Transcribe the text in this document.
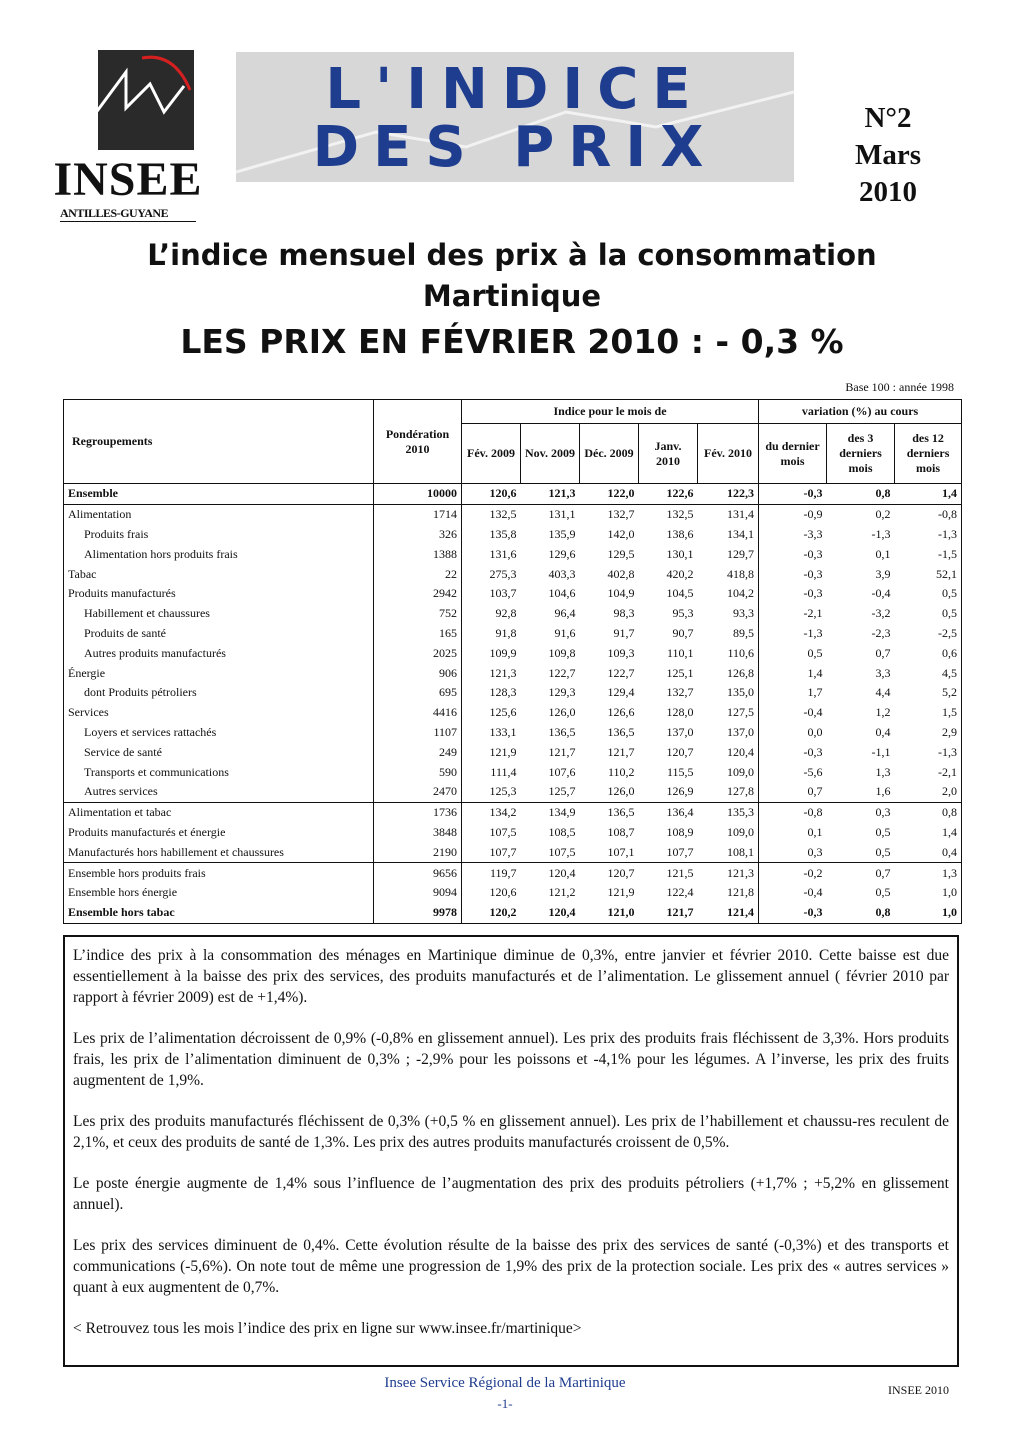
INSEE
ANTILLES-GUYANE
L'INDICE
DES PRIX	N°2
Mars
2010
L’indice mensuel des prix à la consommation
Martinique
LES PRIX EN FÉVRIER 2010 : - 0,3 %
Base 100 : année 1998
Regroupements	Pondération 2010	Indice pour le mois de					variation (%) au cours		
		Fév. 2009	Nov. 2009	Déc. 2009	Janv. 2010	Fév. 2010	du dernier mois	des 3 derniers mois	des 12 derniers mois
Ensemble	10000	120,6	121,3	122,0	122,6	122,3	-0,3	0,8	1,4
Alimentation	1714	132,5	131,1	132,7	132,5	131,4	-0,9	0,2	-0,8
Produits frais	326	135,8	135,9	142,0	138,6	134,1	-3,3	-1,3	-1,3
Alimentation hors produits frais	1388	131,6	129,6	129,5	130,1	129,7	-0,3	0,1	-1,5
Tabac	22	275,3	403,3	402,8	420,2	418,8	-0,3	3,9	52,1
Produits manufacturés	2942	103,7	104,6	104,9	104,5	104,2	-0,3	-0,4	0,5
Habillement et chaussures	752	92,8	96,4	98,3	95,3	93,3	-2,1	-3,2	0,5
Produits de santé	165	91,8	91,6	91,7	90,7	89,5	-1,3	-2,3	-2,5
Autres produits manufacturés	2025	109,9	109,8	109,3	110,1	110,6	0,5	0,7	0,6
Énergie	906	121,3	122,7	122,7	125,1	126,8	1,4	3,3	4,5
dont Produits pétroliers	695	128,3	129,3	129,4	132,7	135,0	1,7	4,4	5,2
Services	4416	125,6	126,0	126,6	128,0	127,5	-0,4	1,2	1,5
Loyers et services rattachés	1107	133,1	136,5	136,5	137,0	137,0	0,0	0,4	2,9
Service de santé	249	121,9	121,7	121,7	120,7	120,4	-0,3	-1,1	-1,3
Transports et communications	590	111,4	107,6	110,2	115,5	109,0	-5,6	1,3	-2,1
Autres services	2470	125,3	125,7	126,0	126,9	127,8	0,7	1,6	2,0
Alimentation et tabac	1736	134,2	134,9	136,5	136,4	135,3	-0,8	0,3	0,8
Produits manufacturés et énergie	3848	107,5	108,5	108,7	108,9	109,0	0,1	0,5	1,4
Manufacturés hors habillement et chaussures	2190	107,7	107,5	107,1	107,7	108,1	0,3	0,5	0,4
Ensemble hors produits frais	9656	119,7	120,4	120,7	121,5	121,3	-0,2	0,7	1,3
Ensemble hors énergie	9094	120,6	121,2	121,9	122,4	121,8	-0,4	0,5	1,0
Ensemble hors tabac	9978	120,2	120,4	121,0	121,7	121,4	-0,3	0,8	1,0

L’indice des prix à la consommation des ménages en Martinique diminue de 0,3%, entre janvier et février 2010. Cette baisse est due essentiellement à la baisse des prix des services, des produits manufacturés et de l’alimentation. Le glissement annuel ( février 2010 par rapport à février 2009) est de +1,4%).

Les prix de l’alimentation décroissent de 0,9% (-0,8% en glissement annuel). Les prix des produits frais fléchissent de 3,3%. Hors produits frais, les prix de l’alimentation diminuent de 0,3% ; -2,9% pour les poissons et -4,1% pour les légumes. A l’inverse, les prix des fruits augmentent de 1,9%.

Les prix des produits manufacturés fléchissent de 0,3% (+0,5 % en glissement annuel). Les prix de l’habillement et chaussu-res reculent de 2,1%, et ceux des produits de santé de 1,3%. Les prix des autres produits manufacturés croissent de 0,5%.

Le poste énergie augmente de 1,4% sous l’influence de l’augmentation des prix des produits pétroliers (+1,7% ; +5,2% en glissement annuel).

Les prix des services diminuent de 0,4%. Cette évolution résulte de la baisse des prix des services de santé (-0,3%) et des transports et communications (-5,6%). On note tout de même une progression de 1,9% des prix de la protection sociale. Les prix des « autres services » quant à eux augmentent de 0,7%.

< Retrouvez tous les mois l’indice des prix en ligne sur www.insee.fr/martinique>

Insee Service Régional de la Martinique
-1-
INSEE 2010
